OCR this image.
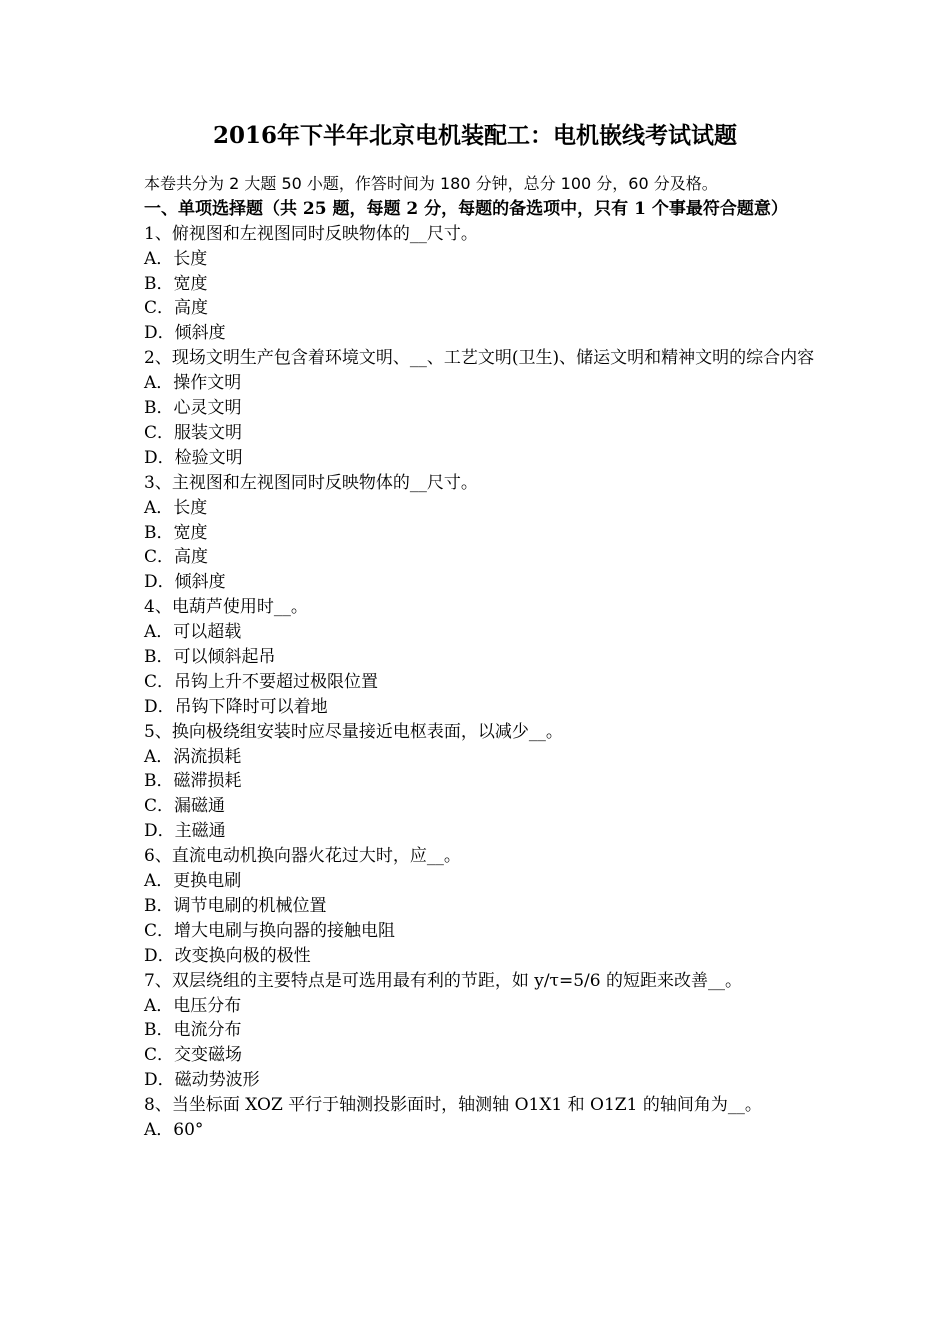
2016年下半年北京电机装配工：电机嵌线考试试题
本卷共分为 2 大题 50 小题，作答时间为 180 分钟，总分 100 分，60 分及格。
一、单项选择题（共 25 题，每题 2 分，每题的备选项中，只有 1 个事最符合题意）
1、俯视图和左视图同时反映物体的__尺寸。
A．长度
B．宽度
C．高度
D．倾斜度
2、现场文明生产包含着环境文明、__、工艺文明(卫生)、储运文明和精神文明的综合内容
A．操作文明
B．心灵文明
C．服装文明
D．检验文明
3、主视图和左视图同时反映物体的__尺寸。
A．长度
B．宽度
C．高度
D．倾斜度
4、电葫芦使用时__。
A．可以超载
B．可以倾斜起吊
C．吊钩上升不要超过极限位置
D．吊钩下降时可以着地
5、换向极绕组安装时应尽量接近电枢表面，以减少__。
A．涡流损耗
B．磁滞损耗
C．漏磁通
D．主磁通
6、直流电动机换向器火花过大时，应__。
A．更换电刷
B．调节电刷的机械位置
C．增大电刷与换向器的接触电阻
D．改变换向极的极性
7、双层绕组的主要特点是可选用最有利的节距，如 y/τ=5/6 的短距来改善__。
A．电压分布
B．电流分布
C．交变磁场
D．磁动势波形
8、当坐标面 XOZ 平行于轴测投影面时，轴测轴 O1X1 和 O1Z1 的轴间角为__。
A．60°
